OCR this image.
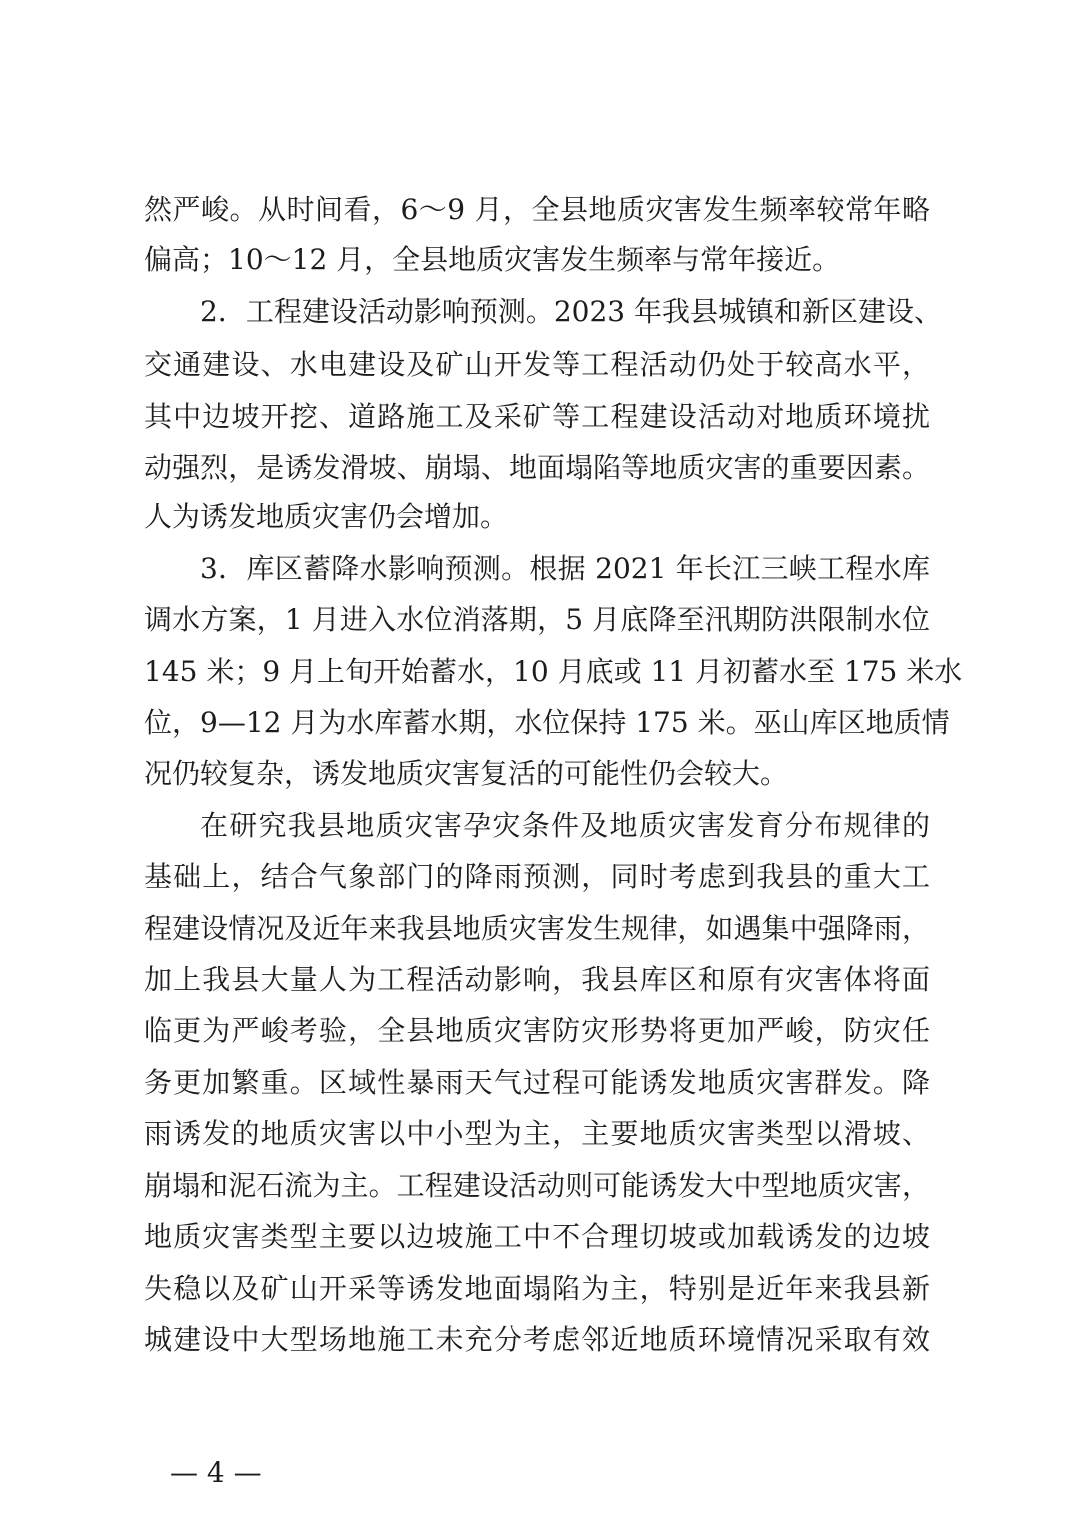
然严峻。从时间看，6～9 月，全县地质灾害发生频率较常年略
偏高；10～12 月，全县地质灾害发生频率与常年接近。
2．工程建设活动影响预测。2023 年我县城镇和新区建设、
交通建设、水电建设及矿山开发等工程活动仍处于较高水平，
其中边坡开挖、道路施工及采矿等工程建设活动对地质环境扰
动强烈，是诱发滑坡、崩塌、地面塌陷等地质灾害的重要因素。
人为诱发地质灾害仍会增加。
3．库区蓄降水影响预测。根据 2021 年长江三峡工程水库
调水方案，1 月进入水位消落期，5 月底降至汛期防洪限制水位
145 米；9 月上旬开始蓄水，10 月底或 11 月初蓄水至 175 米水
位，9—12 月为水库蓄水期，水位保持 175 米。巫山库区地质情
况仍较复杂，诱发地质灾害复活的可能性仍会较大。
在研究我县地质灾害孕灾条件及地质灾害发育分布规律的
基础上，结合气象部门的降雨预测，同时考虑到我县的重大工
程建设情况及近年来我县地质灾害发生规律，如遇集中强降雨，
加上我县大量人为工程活动影响，我县库区和原有灾害体将面
临更为严峻考验，全县地质灾害防灾形势将更加严峻，防灾任
务更加繁重。区域性暴雨天气过程可能诱发地质灾害群发。降
雨诱发的地质灾害以中小型为主，主要地质灾害类型以滑坡、
崩塌和泥石流为主。工程建设活动则可能诱发大中型地质灾害，
地质灾害类型主要以边坡施工中不合理切坡或加载诱发的边坡
失稳以及矿山开采等诱发地面塌陷为主，特别是近年来我县新
城建设中大型场地施工未充分考虑邻近地质环境情况采取有效
— 4 —
